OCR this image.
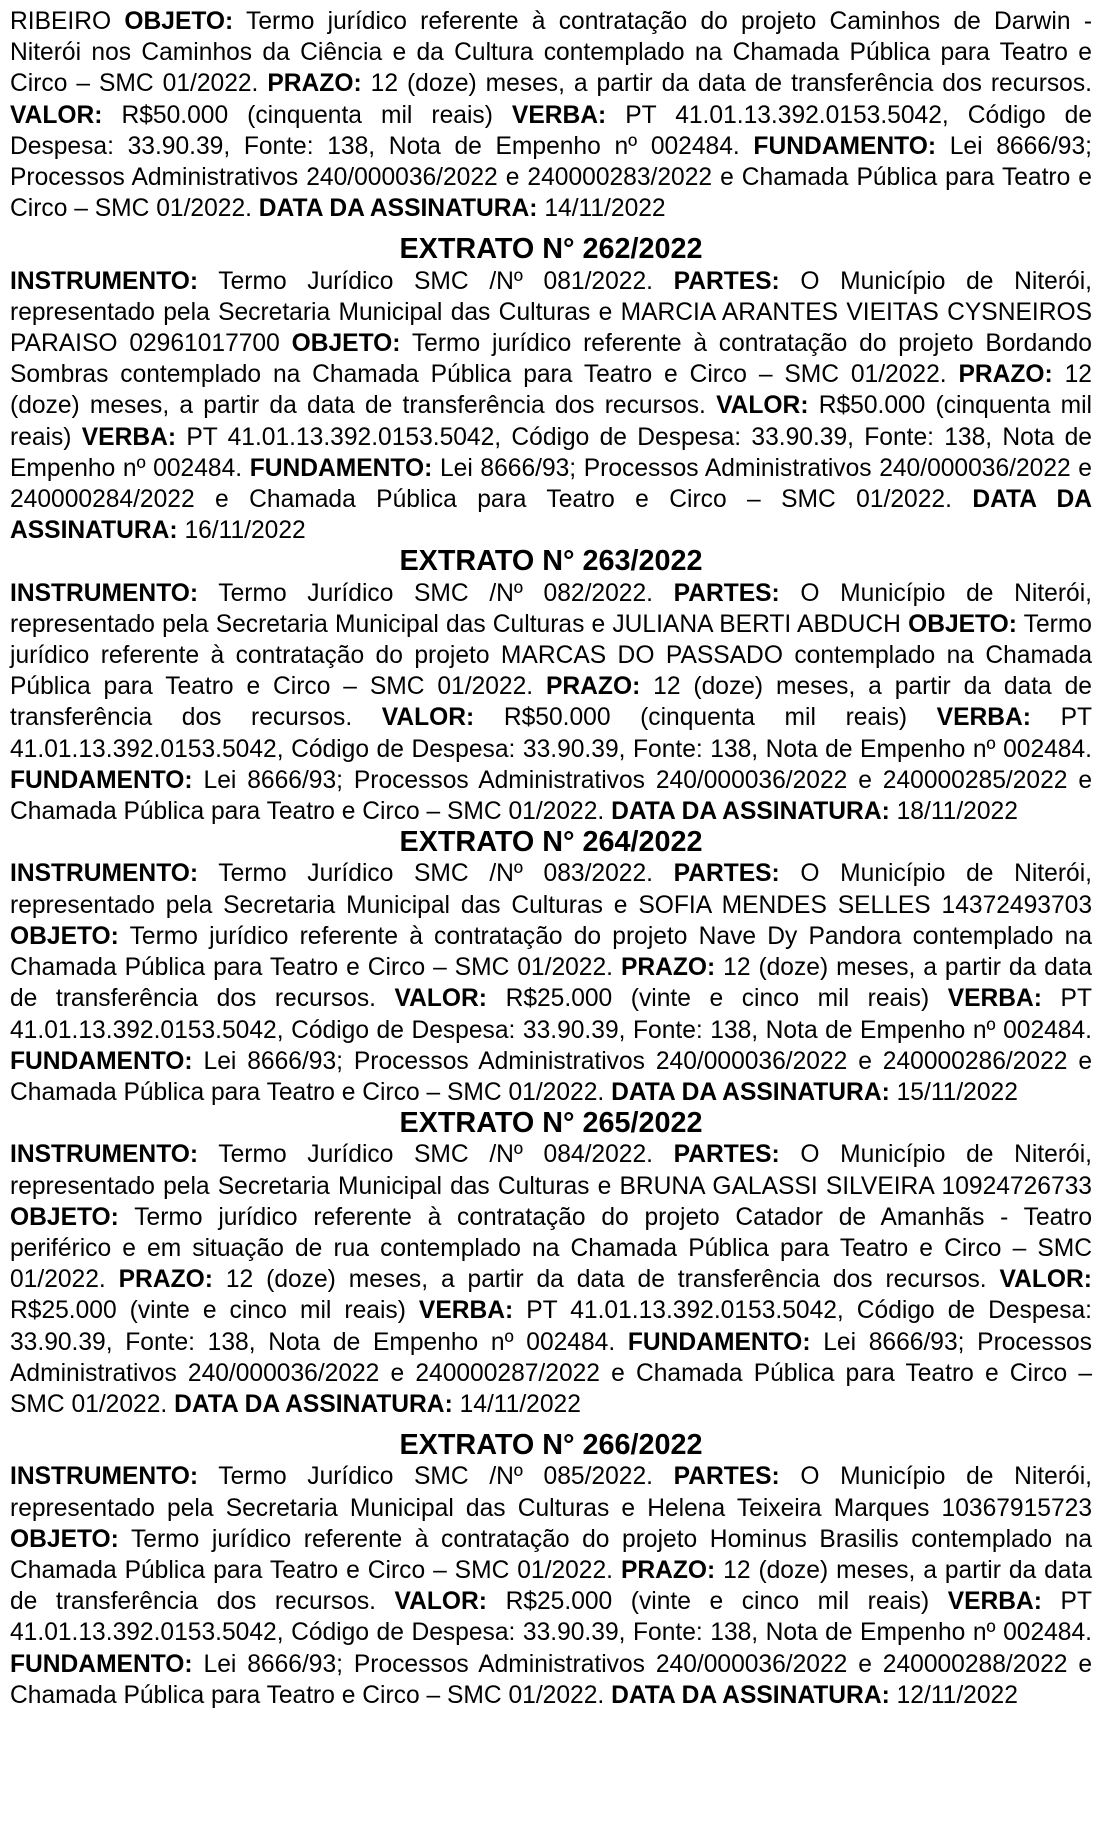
RIBEIRO OBJETO: Termo jurídico referente à contratação do projeto Caminhos de Darwin - Niterói nos Caminhos da Ciência e da Cultura contemplado na Chamada Pública para Teatro e Circo – SMC 01/2022. PRAZO: 12 (doze) meses, a partir da data de transferência dos recursos. VALOR: R$50.000 (cinquenta mil reais) VERBA: PT 41.01.13.392.0153.5042, Código de Despesa: 33.90.39, Fonte: 138, Nota de Empenho nº 002484. FUNDAMENTO: Lei 8666/93; Processos Administrativos 240/000036/2022 e 240000283/2022 e Chamada Pública para Teatro e Circo – SMC 01/2022. DATA DA ASSINATURA: 14/11/2022

EXTRATO N° 262/2022

INSTRUMENTO: Termo Jurídico SMC /Nº 081/2022. PARTES: O Município de Niterói, representado pela Secretaria Municipal das Culturas e MARCIA ARANTES VIEITAS CYSNEIROS PARAISO 02961017700 OBJETO: Termo jurídico referente à contratação do projeto Bordando Sombras contemplado na Chamada Pública para Teatro e Circo – SMC 01/2022. PRAZO: 12 (doze) meses, a partir da data de transferência dos recursos. VALOR: R$50.000 (cinquenta mil reais) VERBA: PT 41.01.13.392.0153.5042, Código de Despesa: 33.90.39, Fonte: 138, Nota de Empenho nº 002484. FUNDAMENTO: Lei 8666/93; Processos Administrativos 240/000036/2022 e 240000284/2022 e Chamada Pública para Teatro e Circo – SMC 01/2022. DATA DA ASSINATURA: 16/11/2022

EXTRATO N° 263/2022

INSTRUMENTO: Termo Jurídico SMC /Nº 082/2022. PARTES: O Município de Niterói, representado pela Secretaria Municipal das Culturas e JULIANA BERTI ABDUCH OBJETO: Termo jurídico referente à contratação do projeto MARCAS DO PASSADO contemplado na Chamada Pública para Teatro e Circo – SMC 01/2022. PRAZO: 12 (doze) meses, a partir da data de transferência dos recursos. VALOR: R$50.000 (cinquenta mil reais) VERBA: PT 41.01.13.392.0153.5042, Código de Despesa: 33.90.39, Fonte: 138, Nota de Empenho nº 002484. FUNDAMENTO: Lei 8666/93; Processos Administrativos 240/000036/2022 e 240000285/2022 e Chamada Pública para Teatro e Circo – SMC 01/2022. DATA DA ASSINATURA: 18/11/2022

EXTRATO N° 264/2022

INSTRUMENTO: Termo Jurídico SMC /Nº 083/2022. PARTES: O Município de Niterói, representado pela Secretaria Municipal das Culturas e SOFIA MENDES SELLES 14372493703 OBJETO: Termo jurídico referente à contratação do projeto Nave Dy Pandora contemplado na Chamada Pública para Teatro e Circo – SMC 01/2022. PRAZO: 12 (doze) meses, a partir da data de transferência dos recursos. VALOR: R$25.000 (vinte e cinco mil reais) VERBA: PT 41.01.13.392.0153.5042, Código de Despesa: 33.90.39, Fonte: 138, Nota de Empenho nº 002484. FUNDAMENTO: Lei 8666/93; Processos Administrativos 240/000036/2022 e 240000286/2022 e Chamada Pública para Teatro e Circo – SMC 01/2022. DATA DA ASSINATURA: 15/11/2022

EXTRATO N° 265/2022

INSTRUMENTO: Termo Jurídico SMC /Nº 084/2022. PARTES: O Município de Niterói, representado pela Secretaria Municipal das Culturas e BRUNA GALASSI SILVEIRA 10924726733 OBJETO: Termo jurídico referente à contratação do projeto Catador de Amanhãs - Teatro periférico e em situação de rua contemplado na Chamada Pública para Teatro e Circo – SMC 01/2022. PRAZO: 12 (doze) meses, a partir da data de transferência dos recursos. VALOR: R$25.000 (vinte e cinco mil reais) VERBA: PT 41.01.13.392.0153.5042, Código de Despesa: 33.90.39, Fonte: 138, Nota de Empenho nº 002484. FUNDAMENTO: Lei 8666/93; Processos Administrativos 240/000036/2022 e 240000287/2022 e Chamada Pública para Teatro e Circo – SMC 01/2022. DATA DA ASSINATURA: 14/11/2022

EXTRATO N° 266/2022

INSTRUMENTO: Termo Jurídico SMC /Nº 085/2022. PARTES: O Município de Niterói, representado pela Secretaria Municipal das Culturas e Helena Teixeira Marques 10367915723 OBJETO: Termo jurídico referente à contratação do projeto Hominus Brasilis contemplado na Chamada Pública para Teatro e Circo – SMC 01/2022. PRAZO: 12 (doze) meses, a partir da data de transferência dos recursos. VALOR: R$25.000 (vinte e cinco mil reais) VERBA: PT 41.01.13.392.0153.5042, Código de Despesa: 33.90.39, Fonte: 138, Nota de Empenho nº 002484. FUNDAMENTO: Lei 8666/93; Processos Administrativos 240/000036/2022 e 240000288/2022 e Chamada Pública para Teatro e Circo – SMC 01/2022. DATA DA ASSINATURA: 12/11/2022
